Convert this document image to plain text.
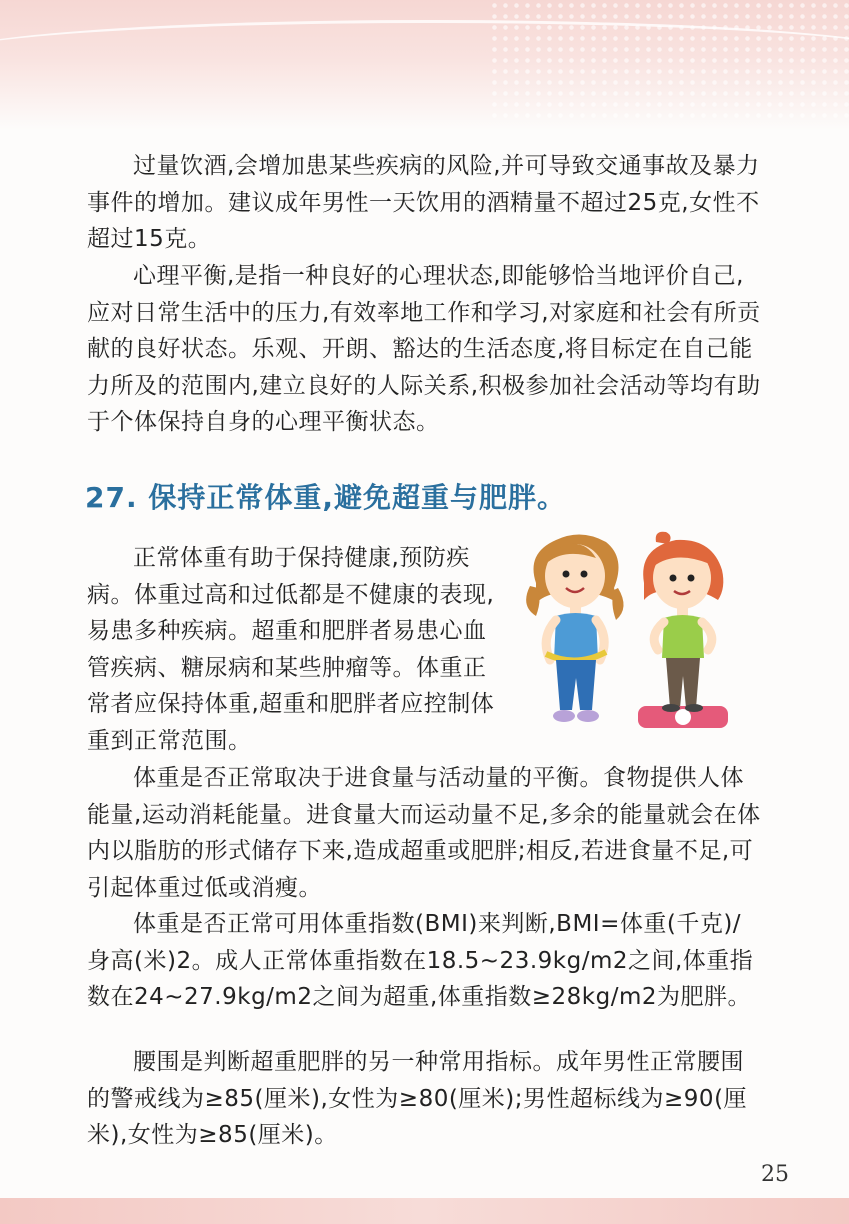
过量饮酒,会增加患某些疾病的风险,并可导致交通事故及暴力事件的增加。建议成年男性一天饮用的酒精量不超过25克,女性不超过15克。

心理平衡,是指一种良好的心理状态,即能够恰当地评价自己,应对日常生活中的压力,有效率地工作和学习,对家庭和社会有所贡献的良好状态。乐观、开朗、豁达的生活态度,将目标定在自己能力所及的范围内,建立良好的人际关系,积极参加社会活动等均有助于个体保持自身的心理平衡状态。

27. 保持正常体重,避免超重与肥胖。

正常体重有助于保持健康,预防疾病。体重过高和过低都是不健康的表现,易患多种疾病。超重和肥胖者易患心血管疾病、糖尿病和某些肿瘤等。体重正常者应保持体重,超重和肥胖者应控制体重到正常范围。

体重是否正常取决于进食量与活动量的平衡。食物提供人体能量,运动消耗能量。进食量大而运动量不足,多余的能量就会在体内以脂肪的形式储存下来,造成超重或肥胖;相反,若进食量不足,可引起体重过低或消瘦。

体重是否正常可用体重指数(BMI)来判断,BMI=体重(千克)/身高(米)2。成人正常体重指数在18.5~23.9kg/m2之间,体重指数在24~27.9kg/m2之间为超重,体重指数≥28kg/m2为肥胖。

腰围是判断超重肥胖的另一种常用指标。成年男性正常腰围的警戒线为≥85(厘米),女性为≥80(厘米);男性超标线为≥90(厘米),女性为≥85(厘米)。

25
